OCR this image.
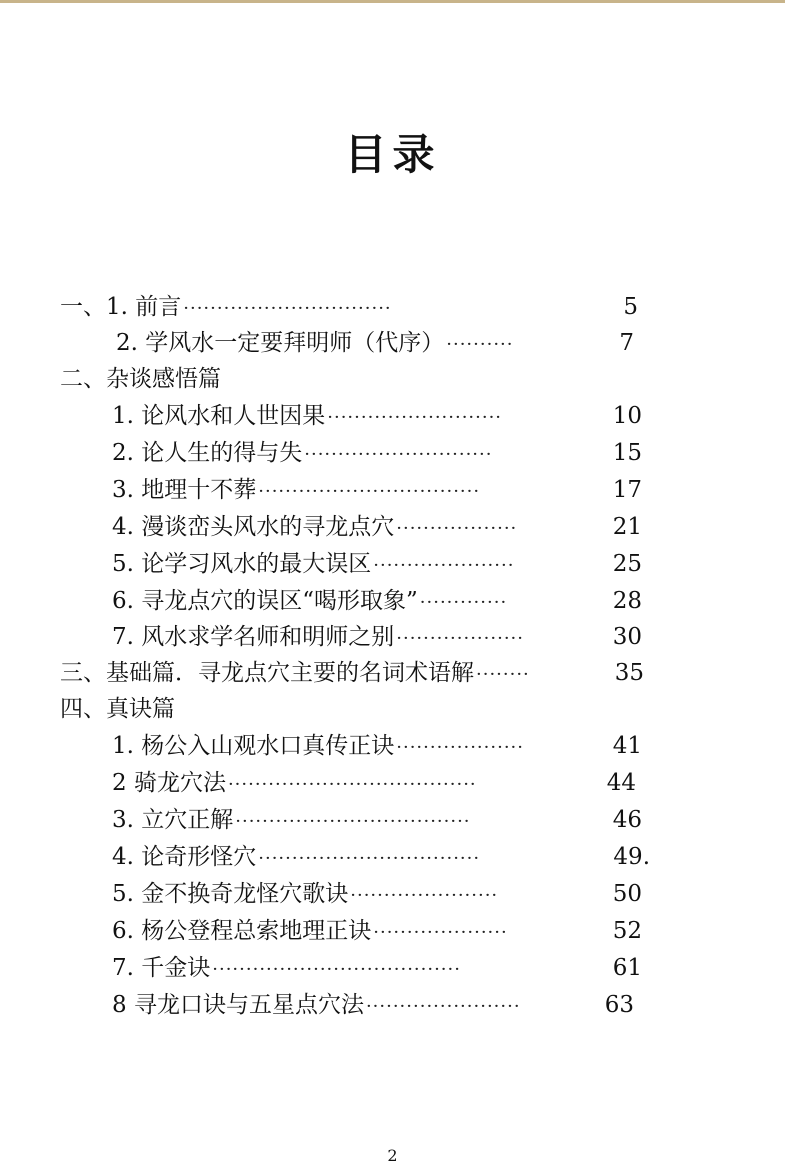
目录
一、1. 前言 ·······························	5
2. 学风水一定要拜明师（代序） ··········	7
二、杂谈感悟篇
1. 论风水和人世因果 ··························	10
2. 论人生的得与失 ····························	15
3. 地理十不葬 ·································	17
4. 漫谈峦头风水的寻龙点穴 ··················	21
5. 论学习风水的最大误区 ·····················	25
6. 寻龙点穴的误区“喝形取象” ·············	28
7. 风水求学名师和明师之别 ···················	30
三、基础篇．寻龙点穴主要的名词术语解 ········	35
四、真诀篇
1. 杨公入山观水口真传正诀 ···················	41
2 骑龙穴法 ·····································	44
3. 立穴正解 ···································	46
4. 论奇形怪穴 ·································	49.
5. 金不换奇龙怪穴歌诀 ······················	50
6. 杨公登程总索地理正诀 ····················	52
7. 千金诀 ·····································	61
8 寻龙口诀与五星点穴法 ·······················	63
2
